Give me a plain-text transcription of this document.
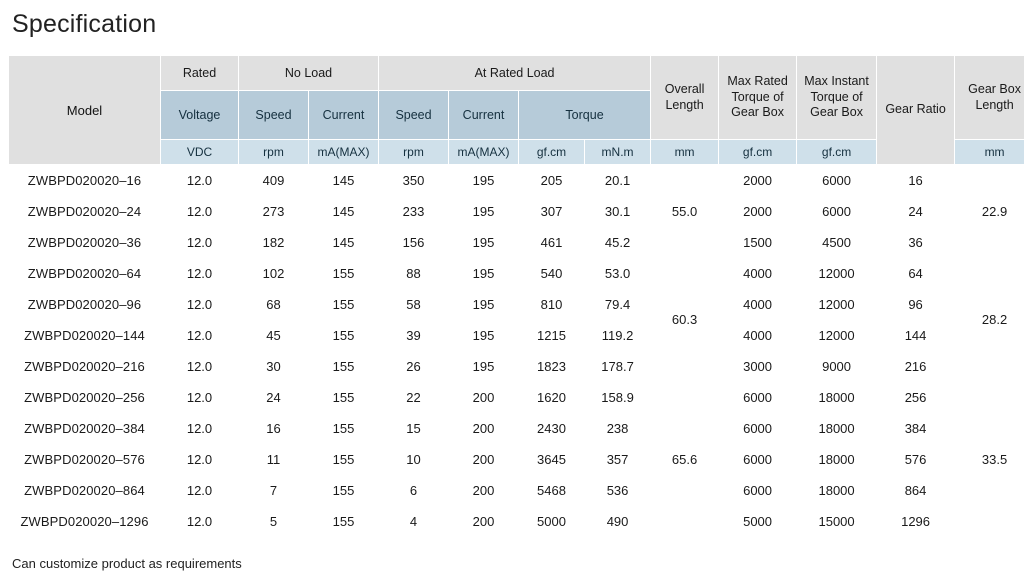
Specification
Model	Rated	No Load		At Rated Load				Overall Length	Max Rated Torque of Gear Box	Max Instant Torque of Gear Box	Gear Ratio	Gear Box Length
	Voltage	Speed	Current	Speed	Current	Torque						
	VDC	rpm	mA(MAX)	rpm	mA(MAX)	gf.cm	mN.m	mm	gf.cm	gf.cm		mm
ZWBPD020020–16	12.0	409	145	350	195	205	20.1	55.0	2000	6000	16	22.9
ZWBPD020020–24	12.0	273	145	233	195	307	30.1		2000	6000	24	
ZWBPD020020–36	12.0	182	145	156	195	461	45.2		1500	4500	36	
ZWBPD020020–64	12.0	102	155	88	195	540	53.0	60.3	4000	12000	64	28.2
ZWBPD020020–96	12.0	68	155	58	195	810	79.4		4000	12000	96	
ZWBPD020020–144	12.0	45	155	39	195	1215	119.2		4000	12000	144	
ZWBPD020020–216	12.0	30	155	26	195	1823	178.7		3000	9000	216	
ZWBPD020020–256	12.0	24	155	22	200	1620	158.9	65.6	6000	18000	256	33.5
ZWBPD020020–384	12.0	16	155	15	200	2430	238		6000	18000	384	
ZWBPD020020–576	12.0	11	155	10	200	3645	357		6000	18000	576	
ZWBPD020020–864	12.0	7	155	6	200	5468	536		6000	18000	864	
ZWBPD020020–1296	12.0	5	155	4	200	5000	490		5000	15000	1296	
Can customize product as requirements
